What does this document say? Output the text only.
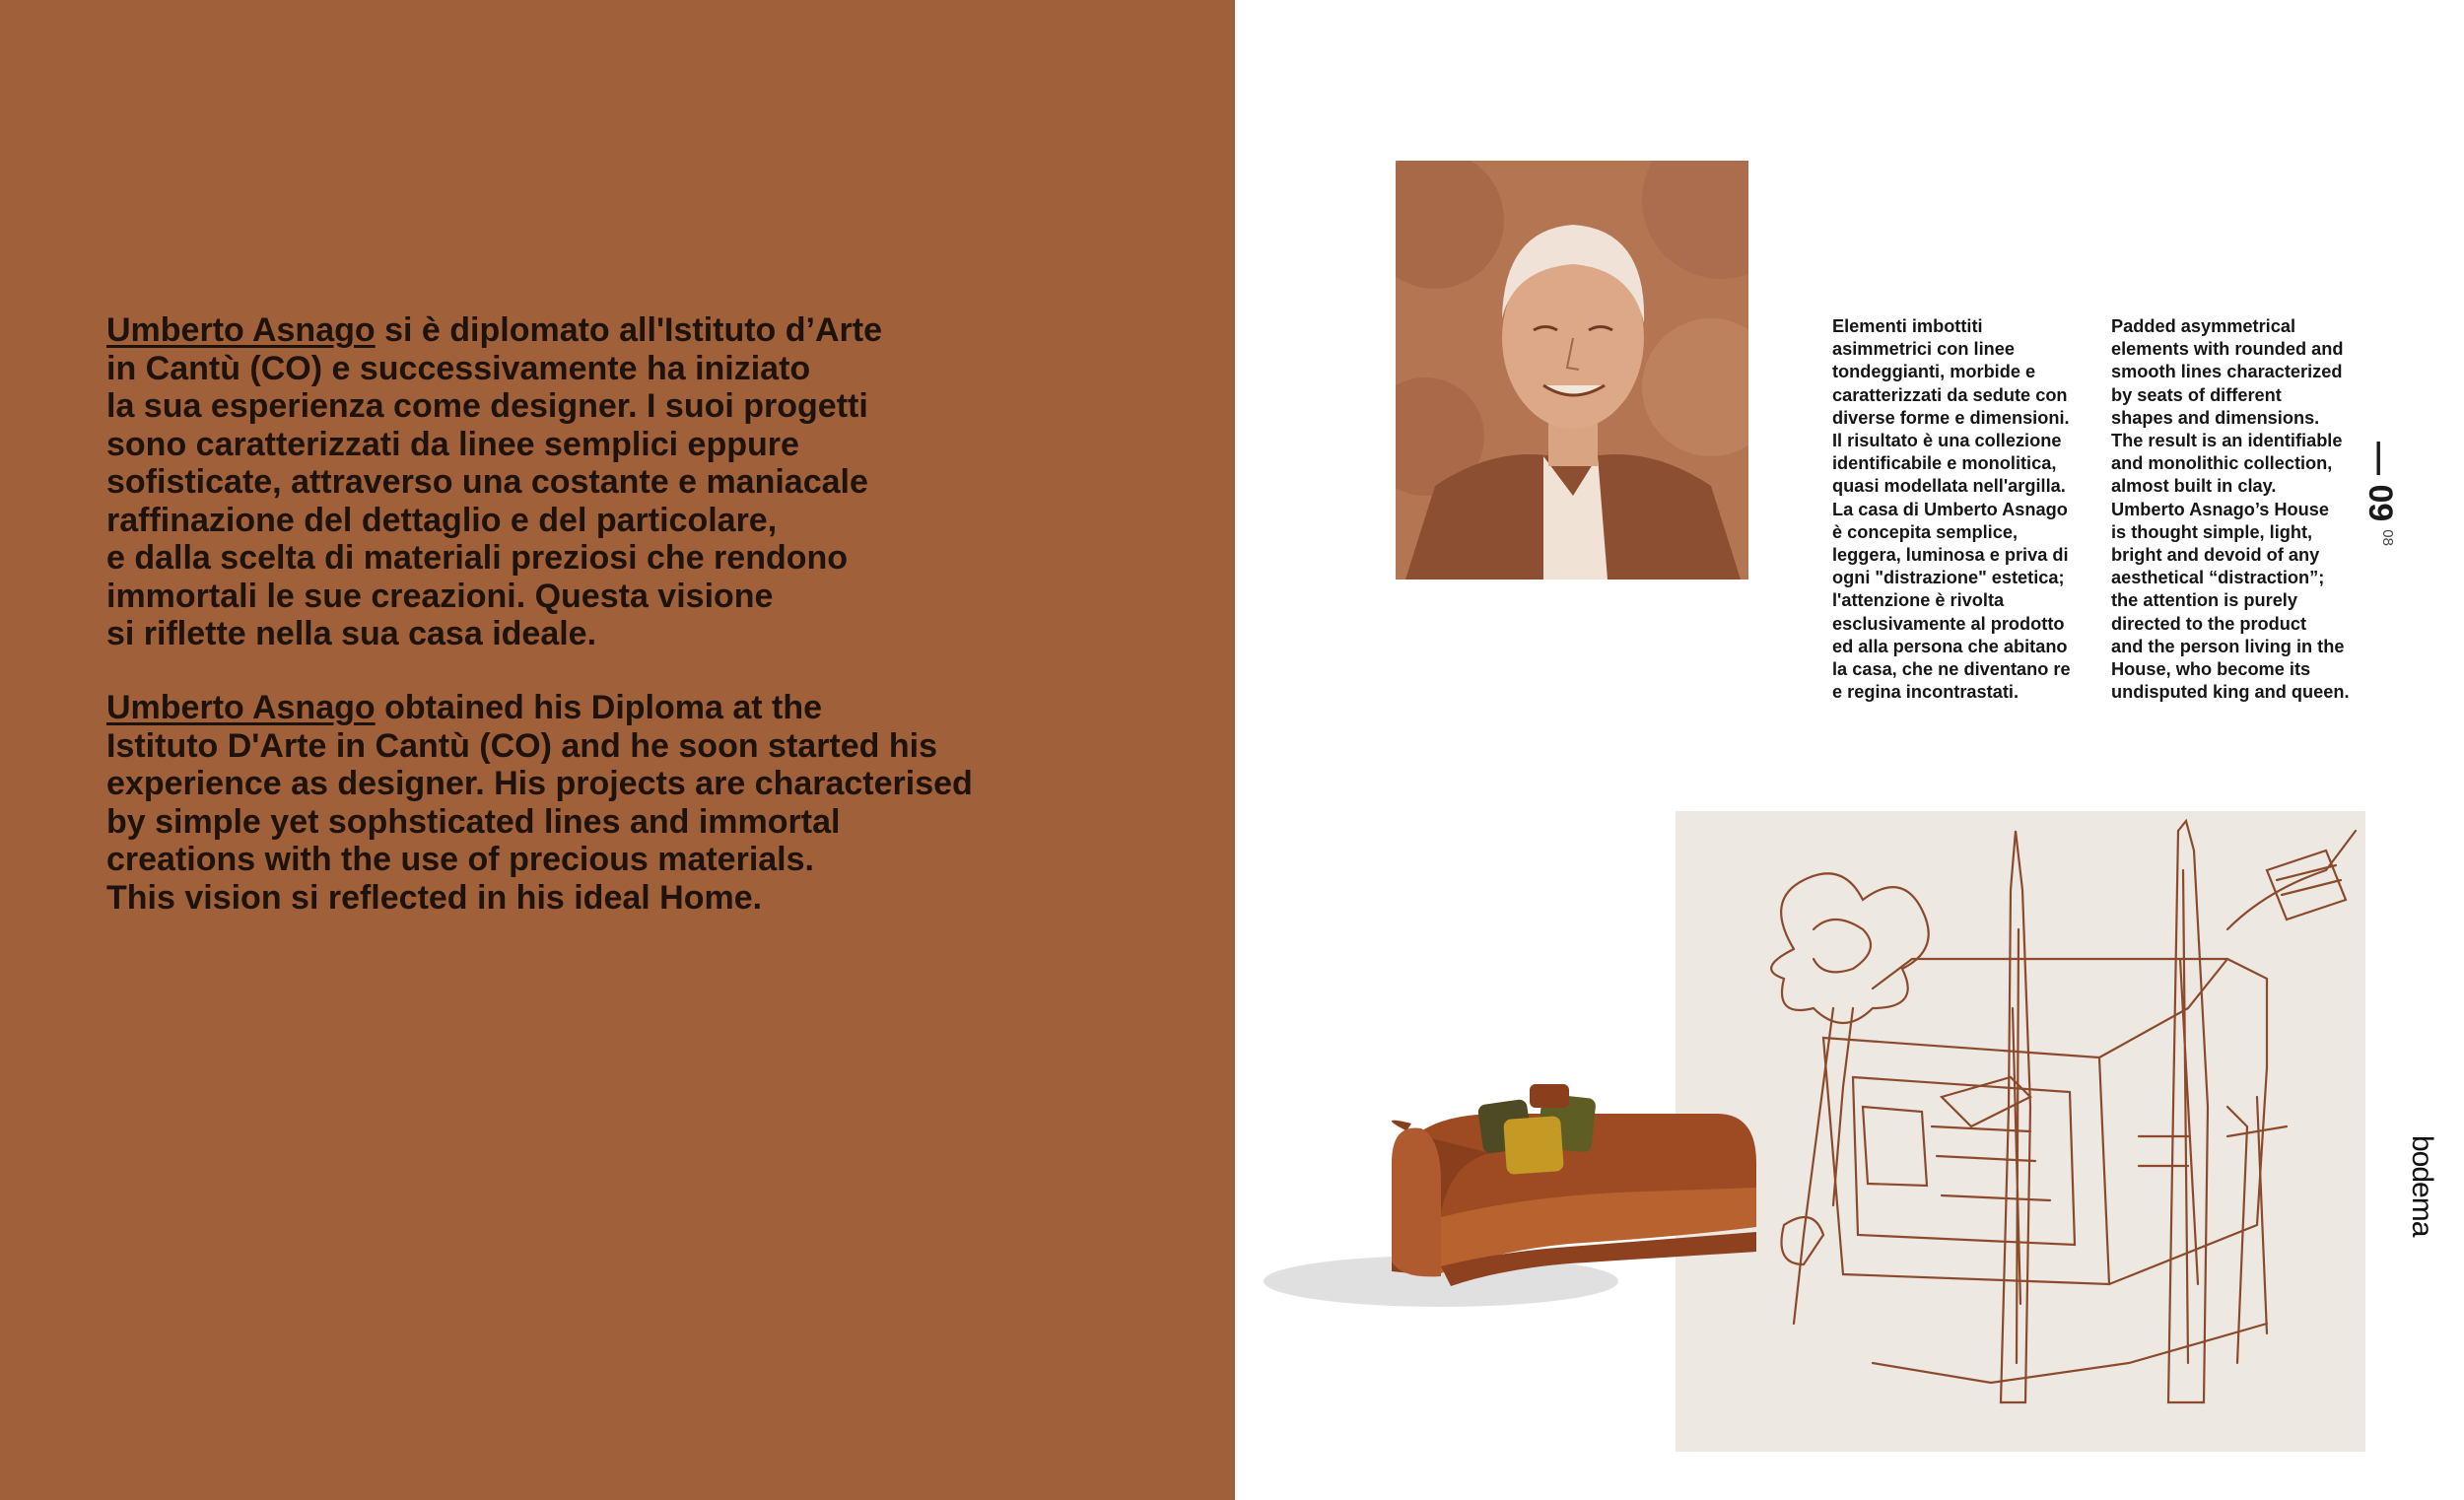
Umberto Asnago si è diplomato all'Istituto d’Arte
in Cantù (CO) e successivamente ha iniziato
la sua esperienza come designer. I suoi progetti
sono caratterizzati da linee semplici eppure
sofisticate, attraverso una costante e maniacale
raffinazione del dettaglio e del particolare,
e dalla scelta di materiali preziosi che rendono
immortali le sue creazioni. Questa visione
si riflette nella sua casa ideale.

Umberto Asnago obtained his Diploma at the
Istituto D'Arte in Cantù (CO) and he soon started his
experience as designer. His projects are characterised
by simple yet sophsticated lines and immortal
creations with the use of precious materials.
This vision si reflected in his ideal Home.

Elementi imbottiti
asimmetrici con linee
tondeggianti, morbide e
caratterizzati da sedute con
diverse forme e dimensioni.
Il risultato è una collezione
identificabile e monolitica,
quasi modellata nell'argilla.
La casa di Umberto Asnago
è concepita semplice,
leggera, luminosa e priva di
ogni "distrazione" estetica;
l'attenzione è rivolta
esclusivamente al prodotto
ed alla persona che abitano
la casa, che ne diventano re
e regina incontrastati.

Padded asymmetrical
elements with rounded and
smooth lines characterized
by seats of different
shapes and dimensions.
The result is an identifiable
and monolithic collection,
almost built in clay.
Umberto Asnago’s House
is thought simple, light,
bright and devoid of any
aesthetical “distraction”;
the attention is purely
directed to the product
and the person living in the
House, who become its
undisputed king and queen.

— 0908
bodema
